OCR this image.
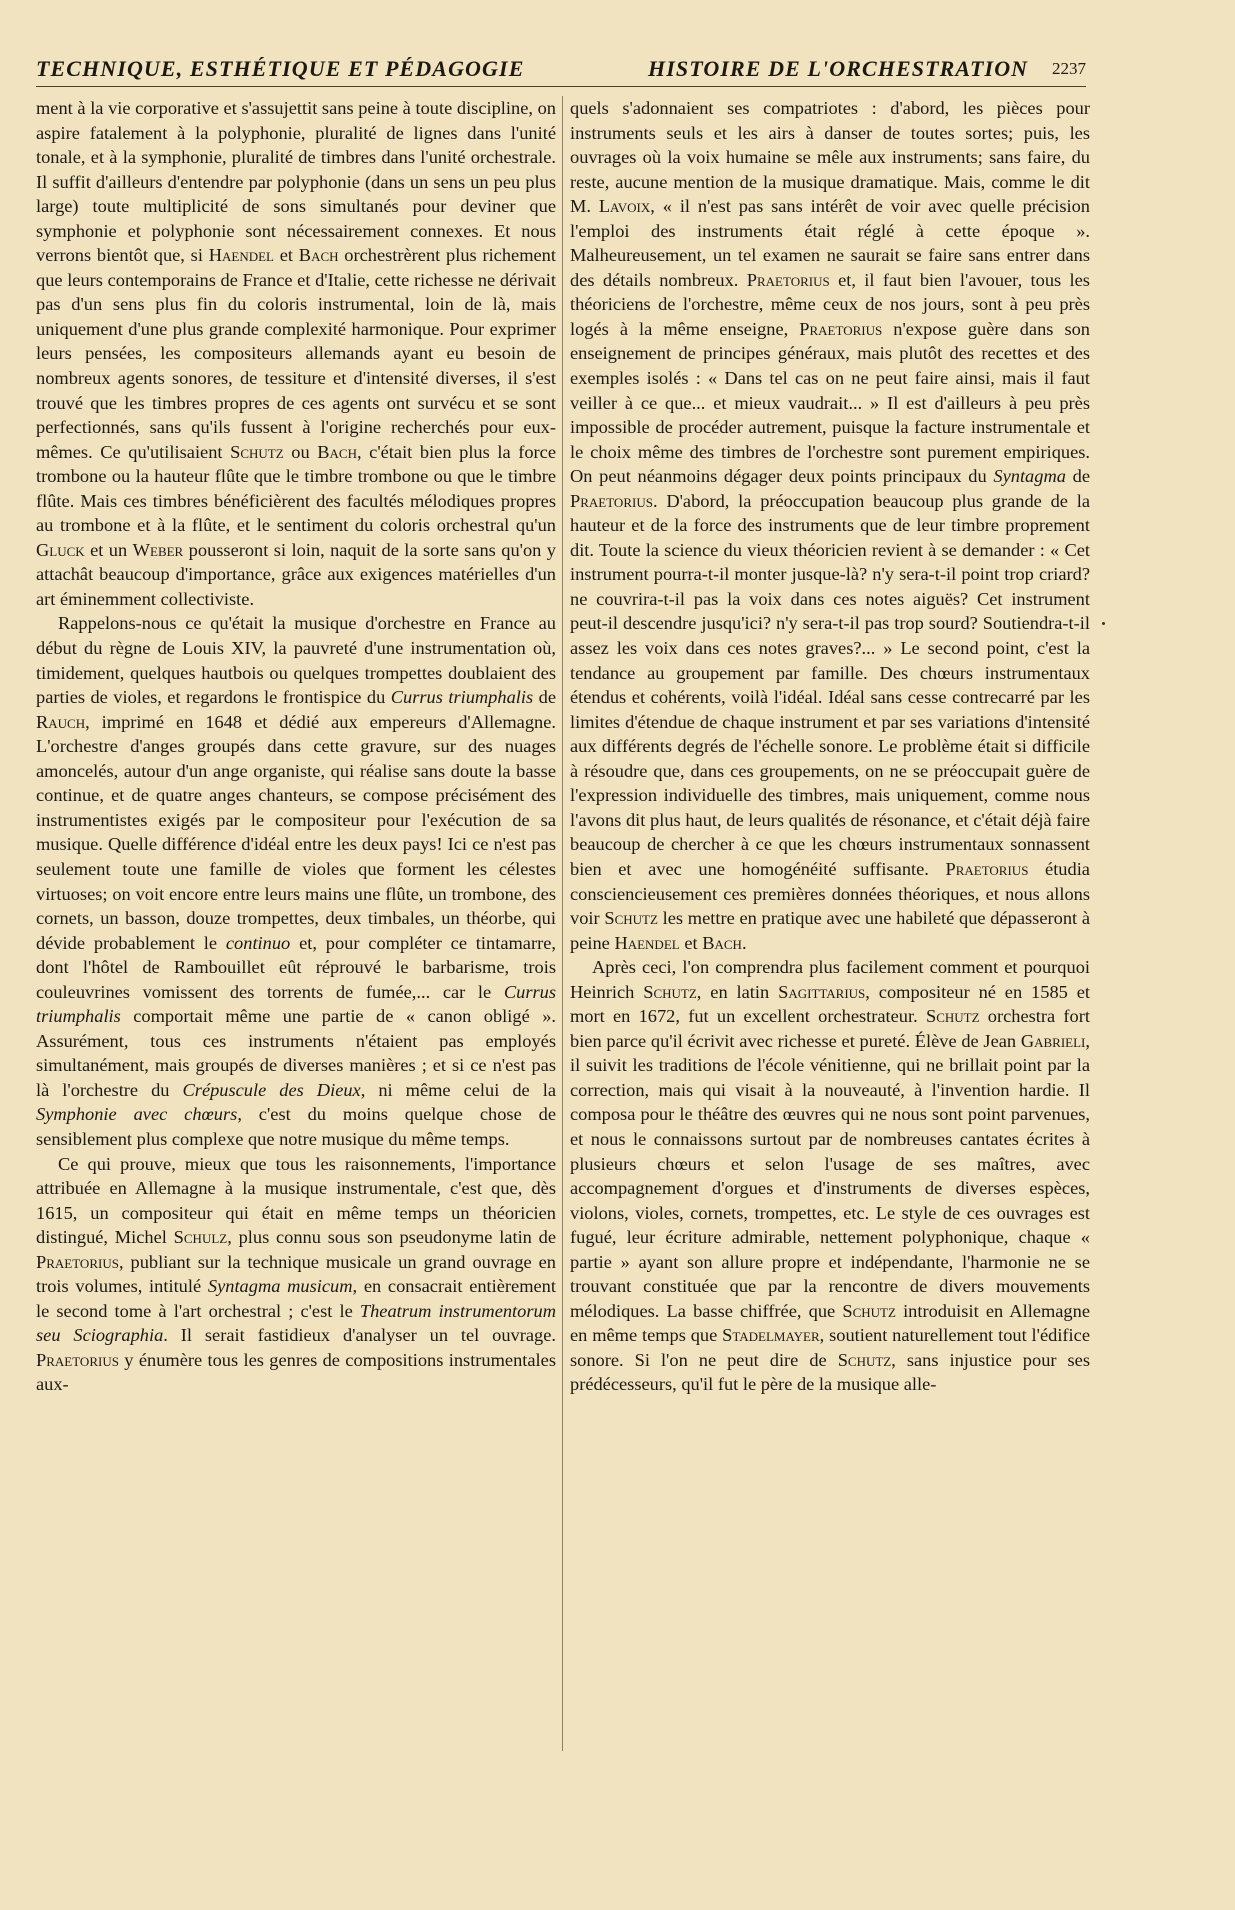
TECHNIQUE, ESTHÉTIQUE ET PÉDAGOGIE	HISTOIRE DE L'ORCHESTRATION 2237

ment à la vie corporative et s'assujettit sans peine à toute discipline, on aspire fatalement à la polyphonie, pluralité de lignes dans l'unité tonale, et à la symphonie, pluralité de timbres dans l'unité orchestrale. Il suffit d'ailleurs d'entendre par polyphonie (dans un sens un peu plus large) toute multiplicité de sons simultanés pour deviner que symphonie et polyphonie sont nécessairement connexes. Et nous verrons bientôt que, si Haendel et Bach orchestrèrent plus richement que leurs contemporains de France et d'Italie, cette richesse ne dérivait pas d'un sens plus fin du coloris instrumental, loin de là, mais uniquement d'une plus grande complexité harmonique. Pour exprimer leurs pensées, les compositeurs allemands ayant eu besoin de nombreux agents sonores, de tessiture et d'intensité diverses, il s'est trouvé que les timbres propres de ces agents ont survécu et se sont perfectionnés, sans qu'ils fussent à l'origine recherchés pour eux-mêmes. Ce qu'utilisaient Schutz ou Bach, c'était bien plus la force trombone ou la hauteur flûte que le timbre trombone ou que le timbre flûte. Mais ces timbres bénéficièrent des facultés mélodiques propres au trombone et à la flûte, et le sentiment du coloris orchestral qu'un Gluck et un Weber pousseront si loin, naquit de la sorte sans qu'on y attachât beaucoup d'importance, grâce aux exigences matérielles d'un art éminemment collectiviste.

Rappelons-nous ce qu'était la musique d'orchestre en France au début du règne de Louis XIV, la pauvreté d'une instrumentation où, timidement, quelques hautbois ou quelques trompettes doublaient des parties de violes, et regardons le frontispice du Currus triumphalis de Rauch, imprimé en 1648 et dédié aux empereurs d'Allemagne. L'orchestre d'anges groupés dans cette gravure, sur des nuages amoncelés, autour d'un ange organiste, qui réalise sans doute la basse continue, et de quatre anges chanteurs, se compose précisément des instrumentistes exigés par le compositeur pour l'exécution de sa musique. Quelle différence d'idéal entre les deux pays! Ici ce n'est pas seulement toute une famille de violes que forment les célestes virtuoses; on voit encore entre leurs mains une flûte, un trombone, des cornets, un basson, douze trompettes, deux timbales, un théorbe, qui dévide probablement le continuo et, pour compléter ce tintamarre, dont l'hôtel de Rambouillet eût réprouvé le barbarisme, trois couleuvrines vomissent des torrents de fumée,... car le Currus triumphalis comportait même une partie de « canon obligé ». Assurément, tous ces instruments n'étaient pas employés simultanément, mais groupés de diverses manières ; et si ce n'est pas là l'orchestre du Crépuscule des Dieux, ni même celui de la Symphonie avec chœurs, c'est du moins quelque chose de sensiblement plus complexe que notre musique du même temps.

Ce qui prouve, mieux que tous les raisonnements, l'importance attribuée en Allemagne à la musique instrumentale, c'est que, dès 1615, un compositeur qui était en même temps un théoricien distingué, Michel Schulz, plus connu sous son pseudonyme latin de Praetorius, publiant sur la technique musicale un grand ouvrage en trois volumes, intitulé Syntagma musicum, en consacrait entièrement le second tome à l'art orchestral ; c'est le Theatrum instrumentorum seu Sciographia. Il serait fastidieux d'analyser un tel ouvrage. Praetorius y énumère tous les genres de compositions instrumentales aux-

quels s'adonnaient ses compatriotes : d'abord, les pièces pour instruments seuls et les airs à danser de toutes sortes; puis, les ouvrages où la voix humaine se mêle aux instruments; sans faire, du reste, aucune mention de la musique dramatique. Mais, comme le dit M. Lavoix, « il n'est pas sans intérêt de voir avec quelle précision l'emploi des instruments était réglé à cette époque ». Malheureusement, un tel examen ne saurait se faire sans entrer dans des détails nombreux. Praetorius et, il faut bien l'avouer, tous les théoriciens de l'orchestre, même ceux de nos jours, sont à peu près logés à la même enseigne, Praetorius n'expose guère dans son enseignement de principes généraux, mais plutôt des recettes et des exemples isolés : « Dans tel cas on ne peut faire ainsi, mais il faut veiller à ce que... et mieux vaudrait... » Il est d'ailleurs à peu près impossible de procéder autrement, puisque la facture instrumentale et le choix même des timbres de l'orchestre sont purement empiriques. On peut néanmoins dégager deux points principaux du Syntagma de Praetorius. D'abord, la préoccupation beaucoup plus grande de la hauteur et de la force des instruments que de leur timbre proprement dit. Toute la science du vieux théoricien revient à se demander : « Cet instrument pourra-t-il monter jusque-là? n'y sera-t-il point trop criard? ne couvrira-t-il pas la voix dans ces notes aiguës? Cet instrument peut-il descendre jusqu'ici? n'y sera-t-il pas trop sourd? Soutiendra-t-il assez les voix dans ces notes graves?... » Le second point, c'est la tendance au groupement par famille. Des chœurs instrumentaux étendus et cohérents, voilà l'idéal. Idéal sans cesse contrecarré par les limites d'étendue de chaque instrument et par ses variations d'intensité aux différents degrés de l'échelle sonore. Le problème était si difficile à résoudre que, dans ces groupements, on ne se préoccupait guère de l'expression individuelle des timbres, mais uniquement, comme nous l'avons dit plus haut, de leurs qualités de résonance, et c'était déjà faire beaucoup de chercher à ce que les chœurs instrumentaux sonnassent bien et avec une homogénéité suffisante. Praetorius étudia consciencieusement ces premières données théoriques, et nous allons voir Schutz les mettre en pratique avec une habileté que dépasseront à peine Haendel et Bach.

Après ceci, l'on comprendra plus facilement comment et pourquoi Heinrich Schutz, en latin Sagittarius, compositeur né en 1585 et mort en 1672, fut un excellent orchestrateur. Schutz orchestra fort bien parce qu'il écrivit avec richesse et pureté. Élève de Jean Gabrieli, il suivit les traditions de l'école vénitienne, qui ne brillait point par la correction, mais qui visait à la nouveauté, à l'invention hardie. Il composa pour le théâtre des œuvres qui ne nous sont point parvenues, et nous le connaissons surtout par de nombreuses cantates écrites à plusieurs chœurs et selon l'usage de ses maîtres, avec accompagnement d'orgues et d'instruments de diverses espèces, violons, violes, cornets, trompettes, etc. Le style de ces ouvrages est fugué, leur écriture admirable, nettement polyphonique, chaque « partie » ayant son allure propre et indépendante, l'harmonie ne se trouvant constituée que par la rencontre de divers mouvements mélodiques. La basse chiffrée, que Schutz introduisit en Allemagne en même temps que Stadelmayer, soutient naturellement tout l'édifice sonore. Si l'on ne peut dire de Schutz, sans injustice pour ses prédécesseurs, qu'il fut le père de la musique alle-
